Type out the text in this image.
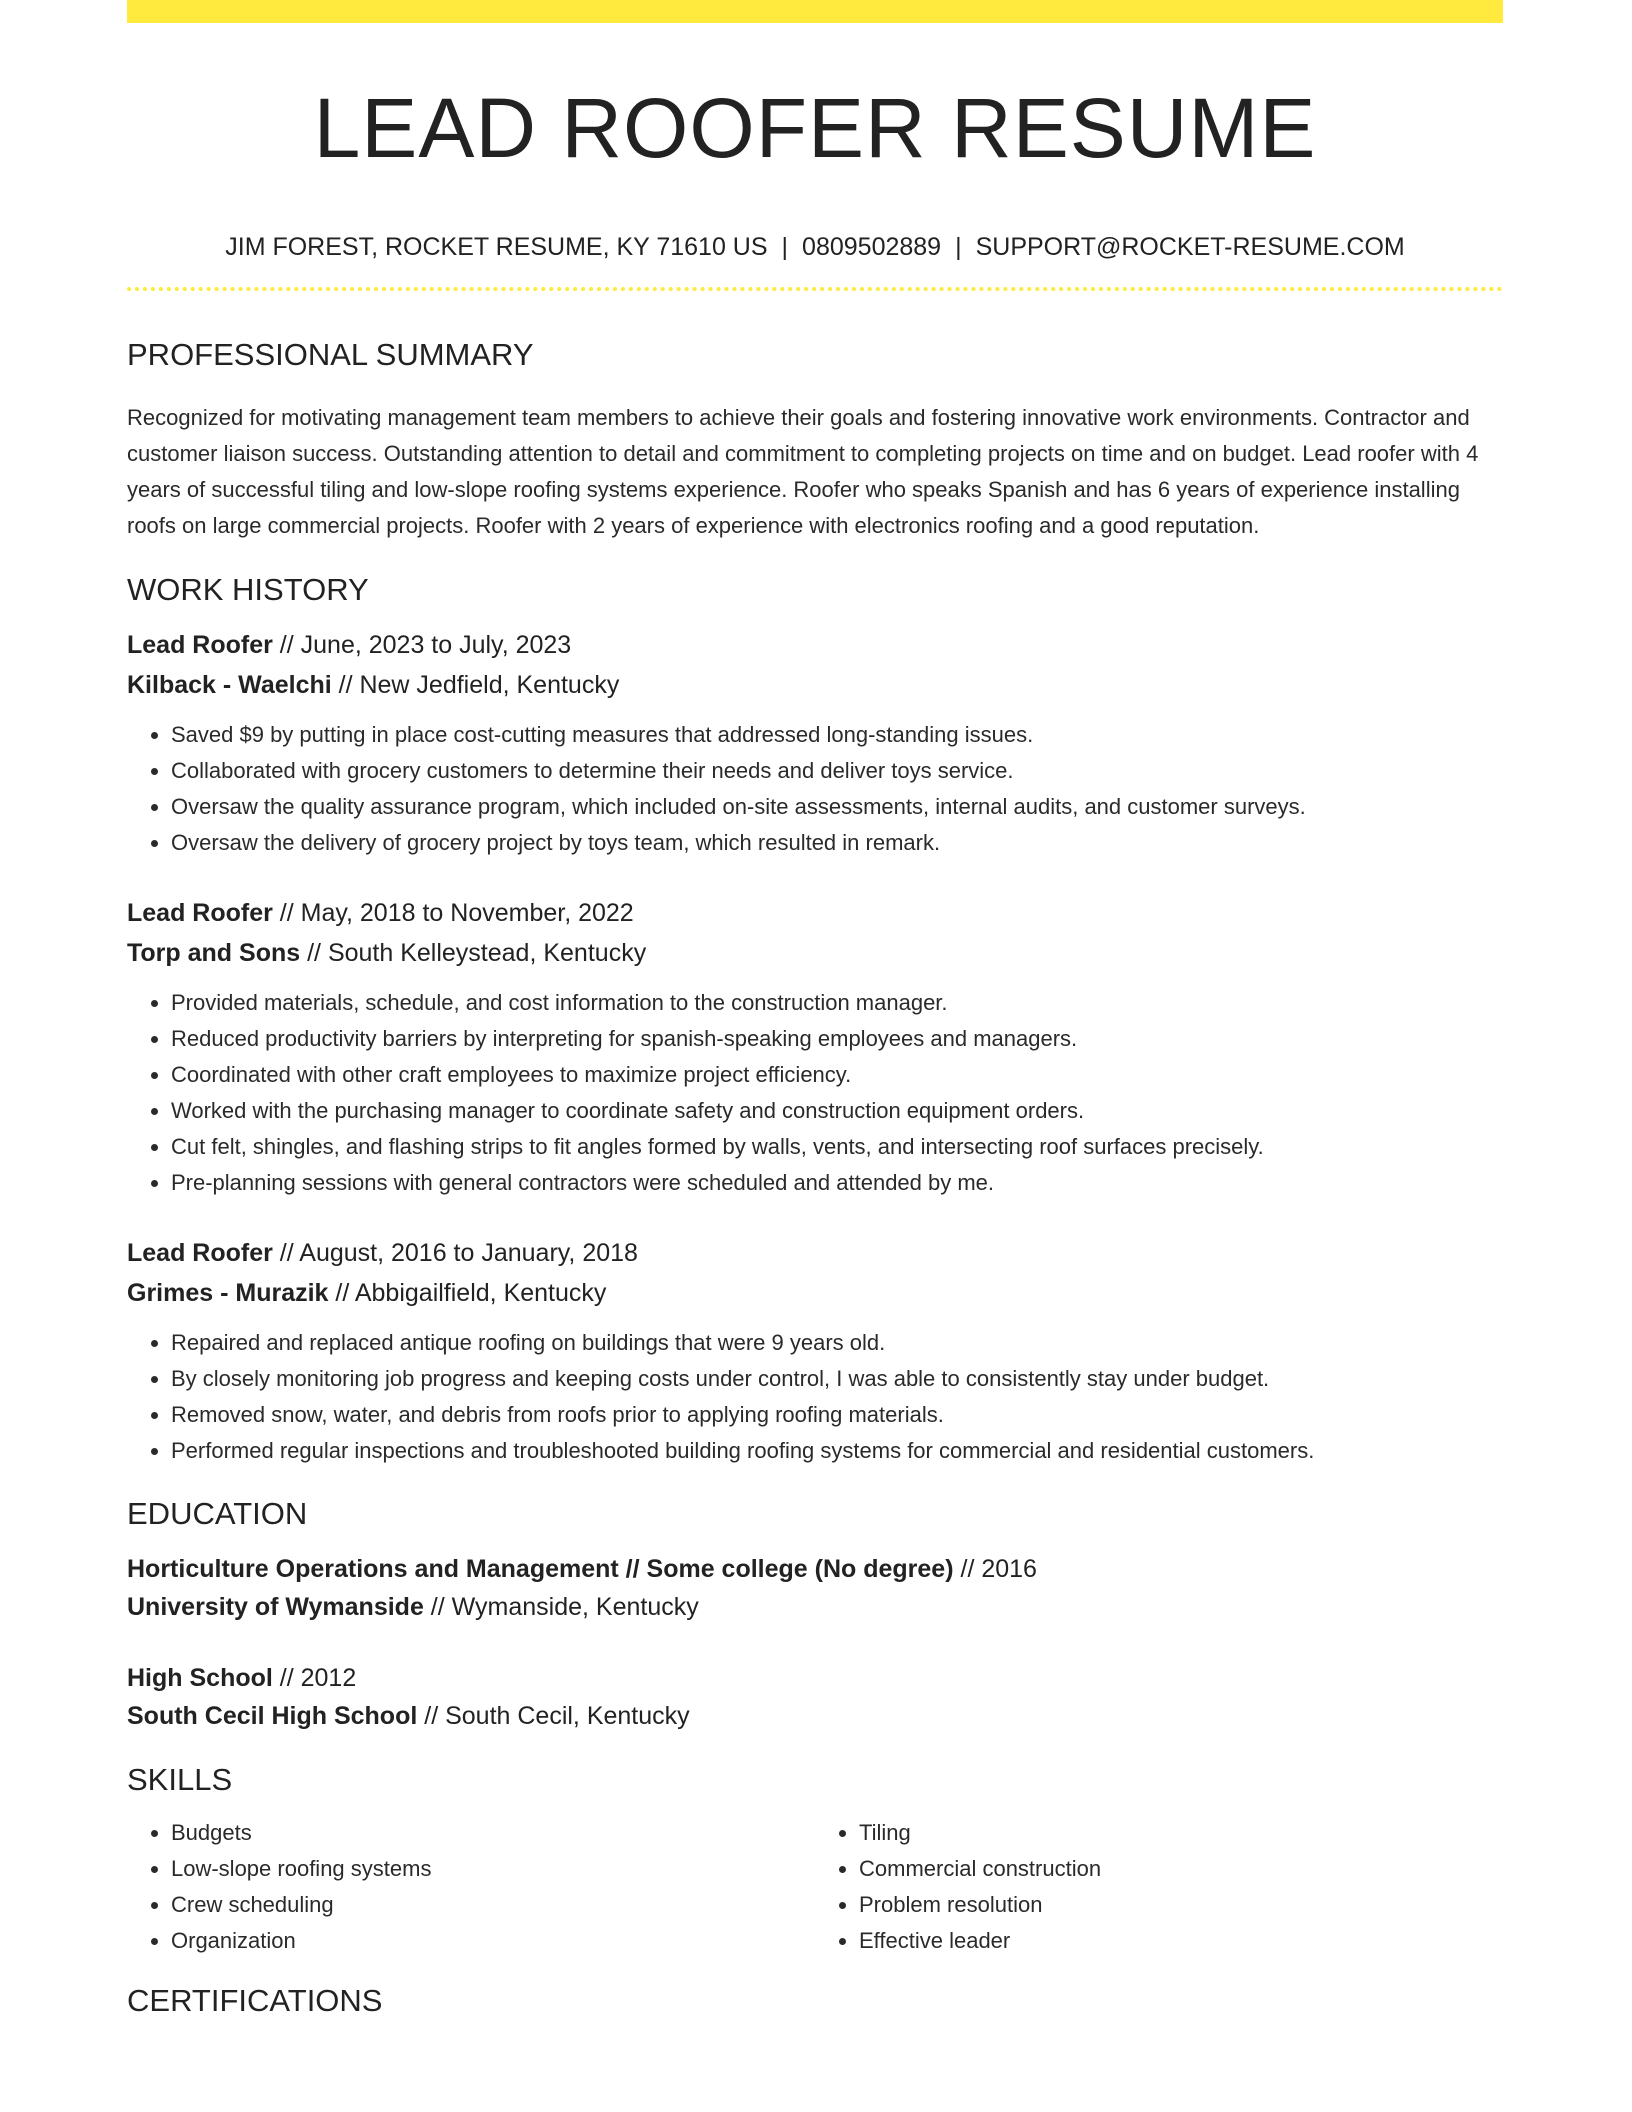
LEAD ROOFER RESUME
JIM FOREST, ROCKET RESUME, KY 71610 US | 0809502889 | SUPPORT@ROCKET-RESUME.COM
PROFESSIONAL SUMMARY

Recognized for motivating management team members to achieve their goals and fostering innovative work environments. Contractor and customer liaison success. Outstanding attention to detail and commitment to completing projects on time and on budget. Lead roofer with 4 years of successful tiling and low-slope roofing systems experience. Roofer who speaks Spanish and has 6 years of experience installing roofs on large commercial projects. Roofer with 2 years of experience with electronics roofing and a good reputation.

WORK HISTORY
Lead Roofer // June, 2023 to July, 2023
Kilback - Waelchi // New Jedfield, Kentucky
• Saved $9 by putting in place cost-cutting measures that addressed long-standing issues.
• Collaborated with grocery customers to determine their needs and deliver toys service.
• Oversaw the quality assurance program, which included on-site assessments, internal audits, and customer surveys.
• Oversaw the delivery of grocery project by toys team, which resulted in remark.
Lead Roofer // May, 2018 to November, 2022
Torp and Sons // South Kelleystead, Kentucky
• Provided materials, schedule, and cost information to the construction manager.
• Reduced productivity barriers by interpreting for spanish-speaking employees and managers.
• Coordinated with other craft employees to maximize project efficiency.
• Worked with the purchasing manager to coordinate safety and construction equipment orders.
• Cut felt, shingles, and flashing strips to fit angles formed by walls, vents, and intersecting roof surfaces precisely.
• Pre-planning sessions with general contractors were scheduled and attended by me.
Lead Roofer // August, 2016 to January, 2018
Grimes - Murazik // Abbigailfield, Kentucky
• Repaired and replaced antique roofing on buildings that were 9 years old.
• By closely monitoring job progress and keeping costs under control, I was able to consistently stay under budget.
• Removed snow, water, and debris from roofs prior to applying roofing materials.
• Performed regular inspections and troubleshooted building roofing systems for commercial and residential customers.
EDUCATION
Horticulture Operations and Management // Some college (No degree) // 2016
University of Wymanside // Wymanside, Kentucky
High School // 2012
South Cecil High School // South Cecil, Kentucky
SKILLS
• Budgets
• Low-slope roofing systems
• Crew scheduling
• Organization
• Tiling
• Commercial construction
• Problem resolution
• Effective leader
CERTIFICATIONS
